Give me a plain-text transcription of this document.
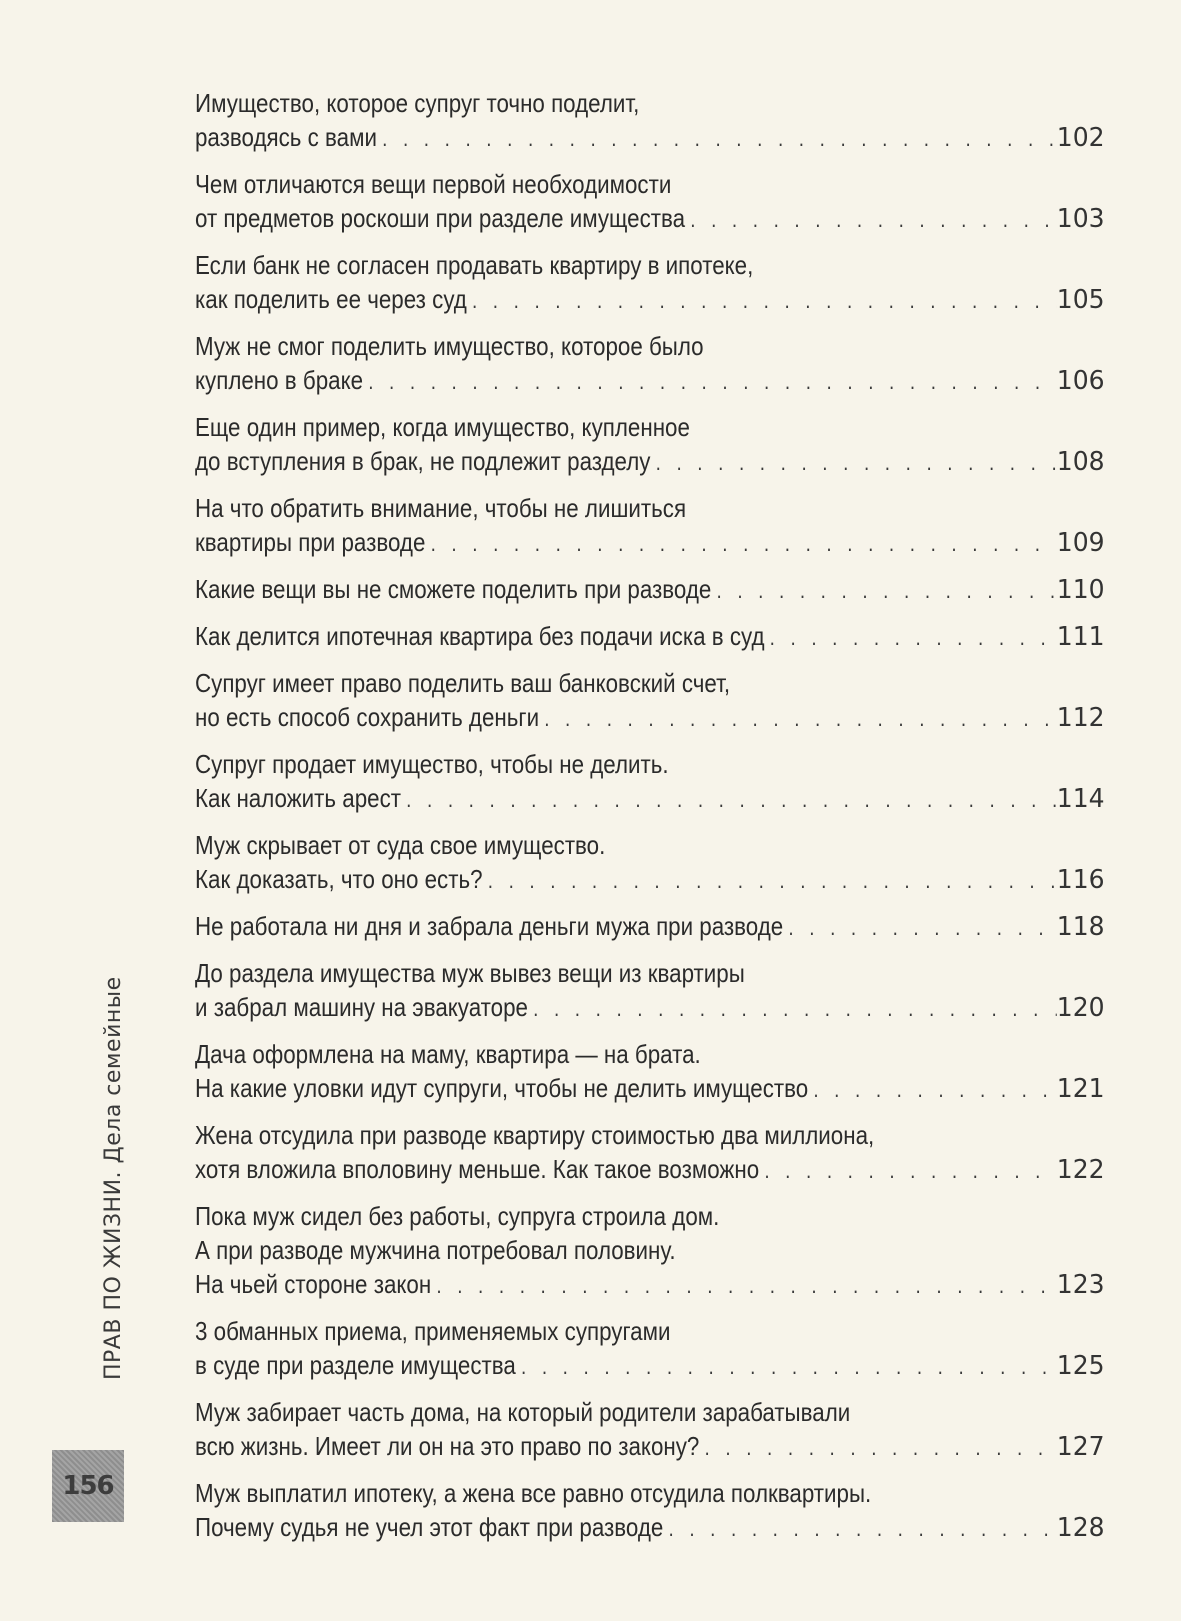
ПРАВ ПО ЖИЗНИ. Дела семейные
156
Имущество, которое супруг точно поделит,
разводясь с вами . . .	102
Чем отличаются вещи первой необходимости
от предметов роскоши при разделе имущества . . .	103
Если банк не согласен продавать квартиру в ипотеке,
как поделить ее через суд . . .	105
Муж не смог поделить имущество, которое было
куплено в браке . . .	106
Еще один пример, когда имущество, купленное
до вступления в брак, не подлежит разделу . . .	108
На что обратить внимание, чтобы не лишиться
квартиры при разводе . . .	109
Какие вещи вы не сможете поделить при разводе . . .	110
Как делится ипотечная квартира без подачи иска в суд . . .	111
Супруг имеет право поделить ваш банковский счет,
но есть способ сохранить деньги . . .	112
Супруг продает имущество, чтобы не делить.
Как наложить арест . . .	114
Муж скрывает от суда свое имущество.
Как доказать, что оно есть? . . .	116
Не работала ни дня и забрала деньги мужа при разводе . . .	118
До раздела имущества муж вывез вещи из квартиры
и забрал машину на эвакуаторе . . .	120
Дача оформлена на маму, квартира — на брата.
На какие уловки идут супруги, чтобы не делить имущество . . .	121
Жена отсудила при разводе квартиру стоимостью два миллиона,
хотя вложила вполовину меньше. Как такое возможно . . .	122
Пока муж сидел без работы, супруга строила дом.
А при разводе мужчина потребовал половину.
На чьей стороне закон . . .	123
3 обманных приема, применяемых супругами
в суде при разделе имущества . . .	125
Муж забирает часть дома, на который родители зарабатывали
всю жизнь. Имеет ли он на это право по закону? . . .	127
Муж выплатил ипотеку, а жена все равно отсудила полквартиры.
Почему судья не учел этот факт при разводе . . .	128
